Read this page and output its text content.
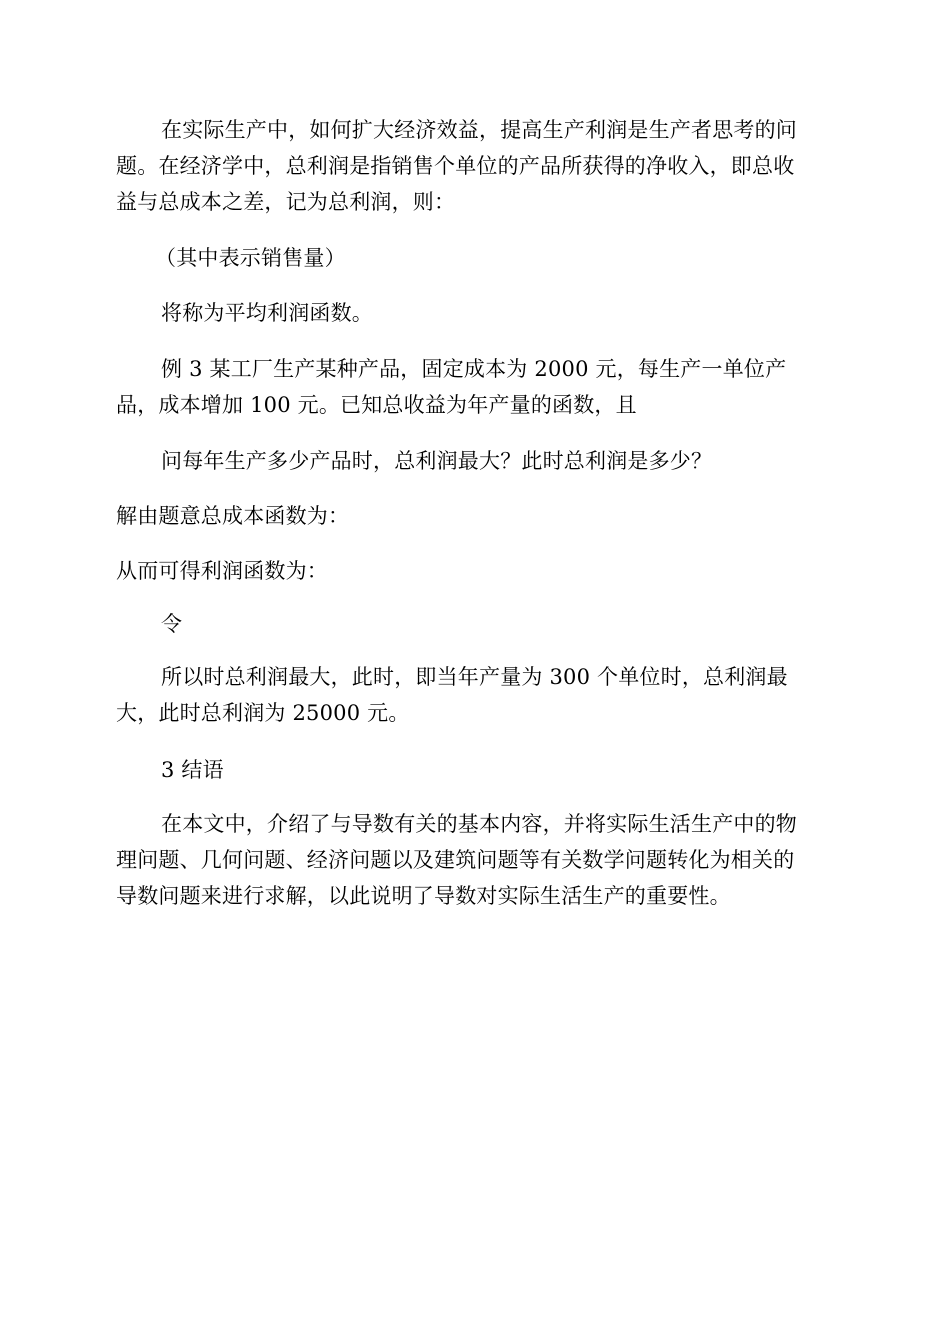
在实际生产中，如何扩大经济效益，提高生产利润是生产者思考的问
题。在经济学中，总利润是指销售个单位的产品所获得的净收入，即总收
益与总成本之差，记为总利润，则：

（其中表示销售量）

将称为平均利润函数。

例 3 某工厂生产某种产品，固定成本为 2000 元，每生产一单位产
品，成本增加 100 元。已知总收益为年产量的函数，且

问每年生产多少产品时，总利润最大？此时总利润是多少？

解由题意总成本函数为：

从而可得利润函数为：

令

所以时总利润最大，此时，即当年产量为 300 个单位时，总利润最
大，此时总利润为 25000 元。

3 结语

在本文中，介绍了与导数有关的基本内容，并将实际生活生产中的物
理问题、几何问题、经济问题以及建筑问题等有关数学问题转化为相关的
导数问题来进行求解，以此说明了导数对实际生活生产的重要性。
